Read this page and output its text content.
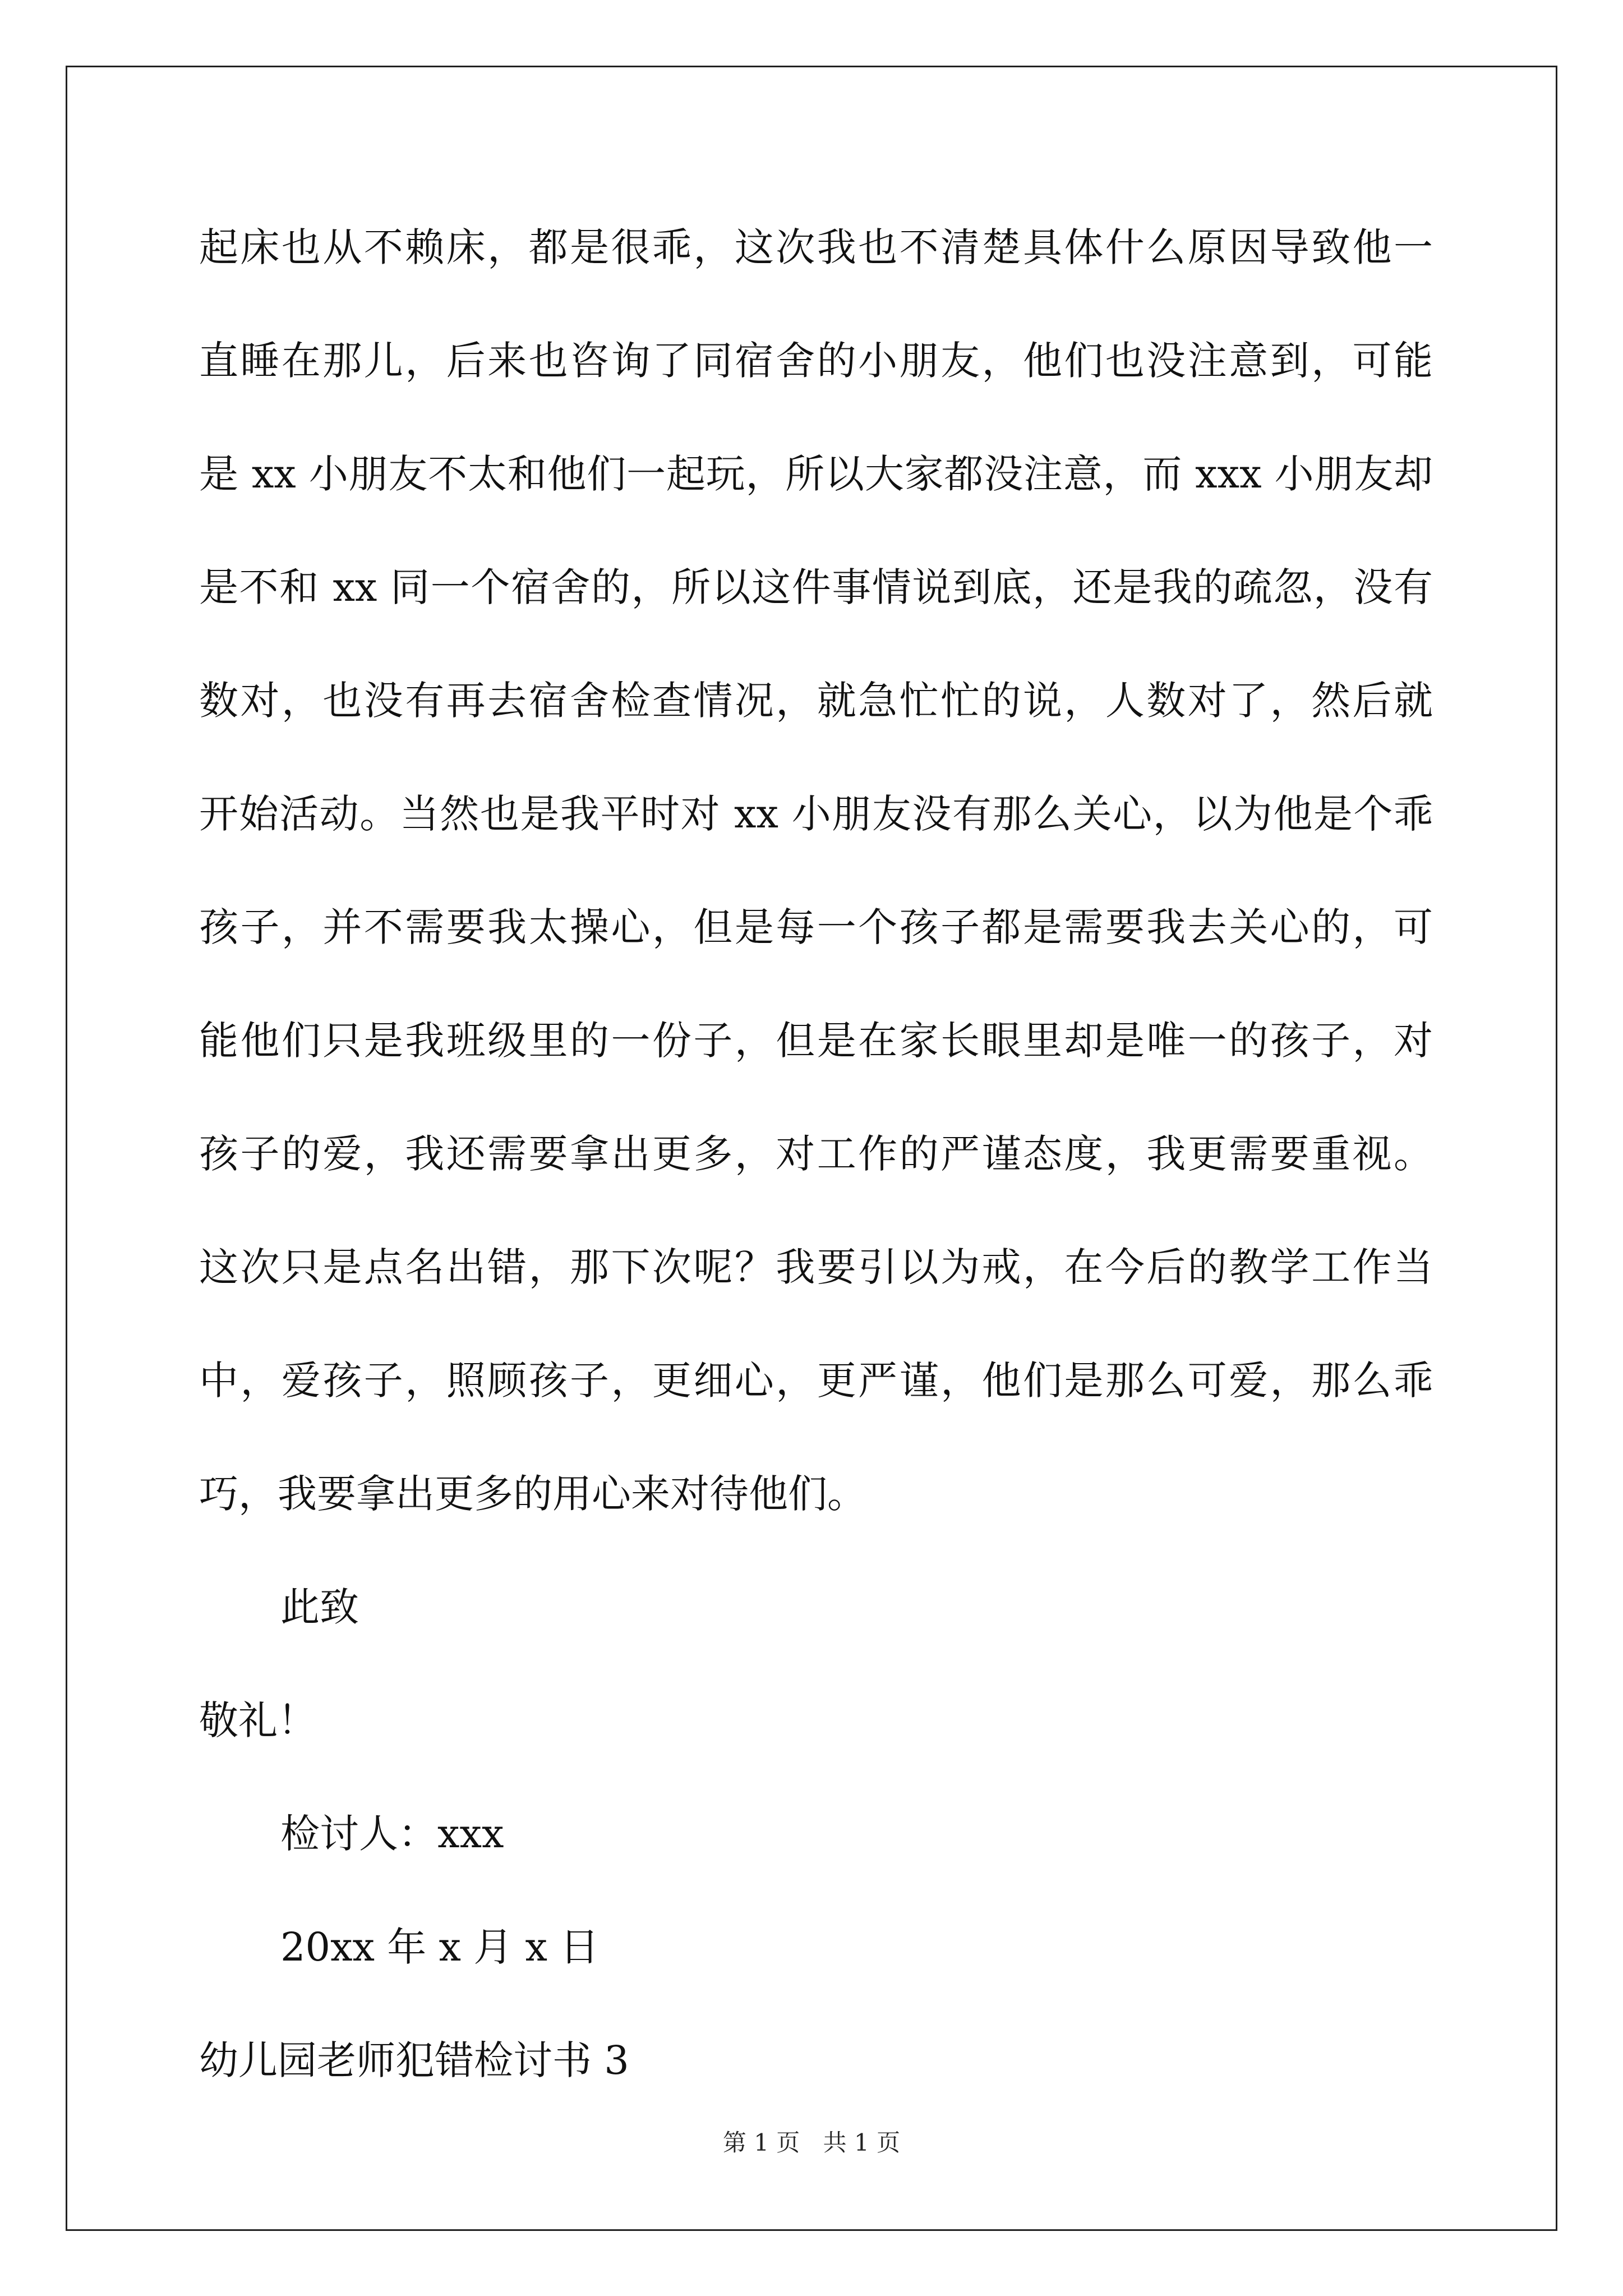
起床也从不赖床，都是很乖，这次我也不清楚具体什么原因导致他一
直睡在那儿，后来也咨询了同宿舍的小朋友，他们也没注意到，可能
是 xx 小朋友不太和他们一起玩，所以大家都没注意，而 xxx 小朋友却
是不和 xx 同一个宿舍的，所以这件事情说到底，还是我的疏忽，没有
数对，也没有再去宿舍检查情况，就急忙忙的说，人数对了，然后就
开始活动。当然也是我平时对 xx 小朋友没有那么关心，以为他是个乖
孩子，并不需要我太操心，但是每一个孩子都是需要我去关心的，可
能他们只是我班级里的一份子，但是在家长眼里却是唯一的孩子，对
孩子的爱，我还需要拿出更多，对工作的严谨态度，我更需要重视。
这次只是点名出错，那下次呢？我要引以为戒，在今后的教学工作当
中，爱孩子，照顾孩子，更细心，更严谨，他们是那么可爱，那么乖
巧，我要拿出更多的用心来对待他们。
此致
敬礼！
检讨人：xxx
20xx 年 x 月 x 日
幼儿园老师犯错检讨书 3
第 1 页 共 1 页
